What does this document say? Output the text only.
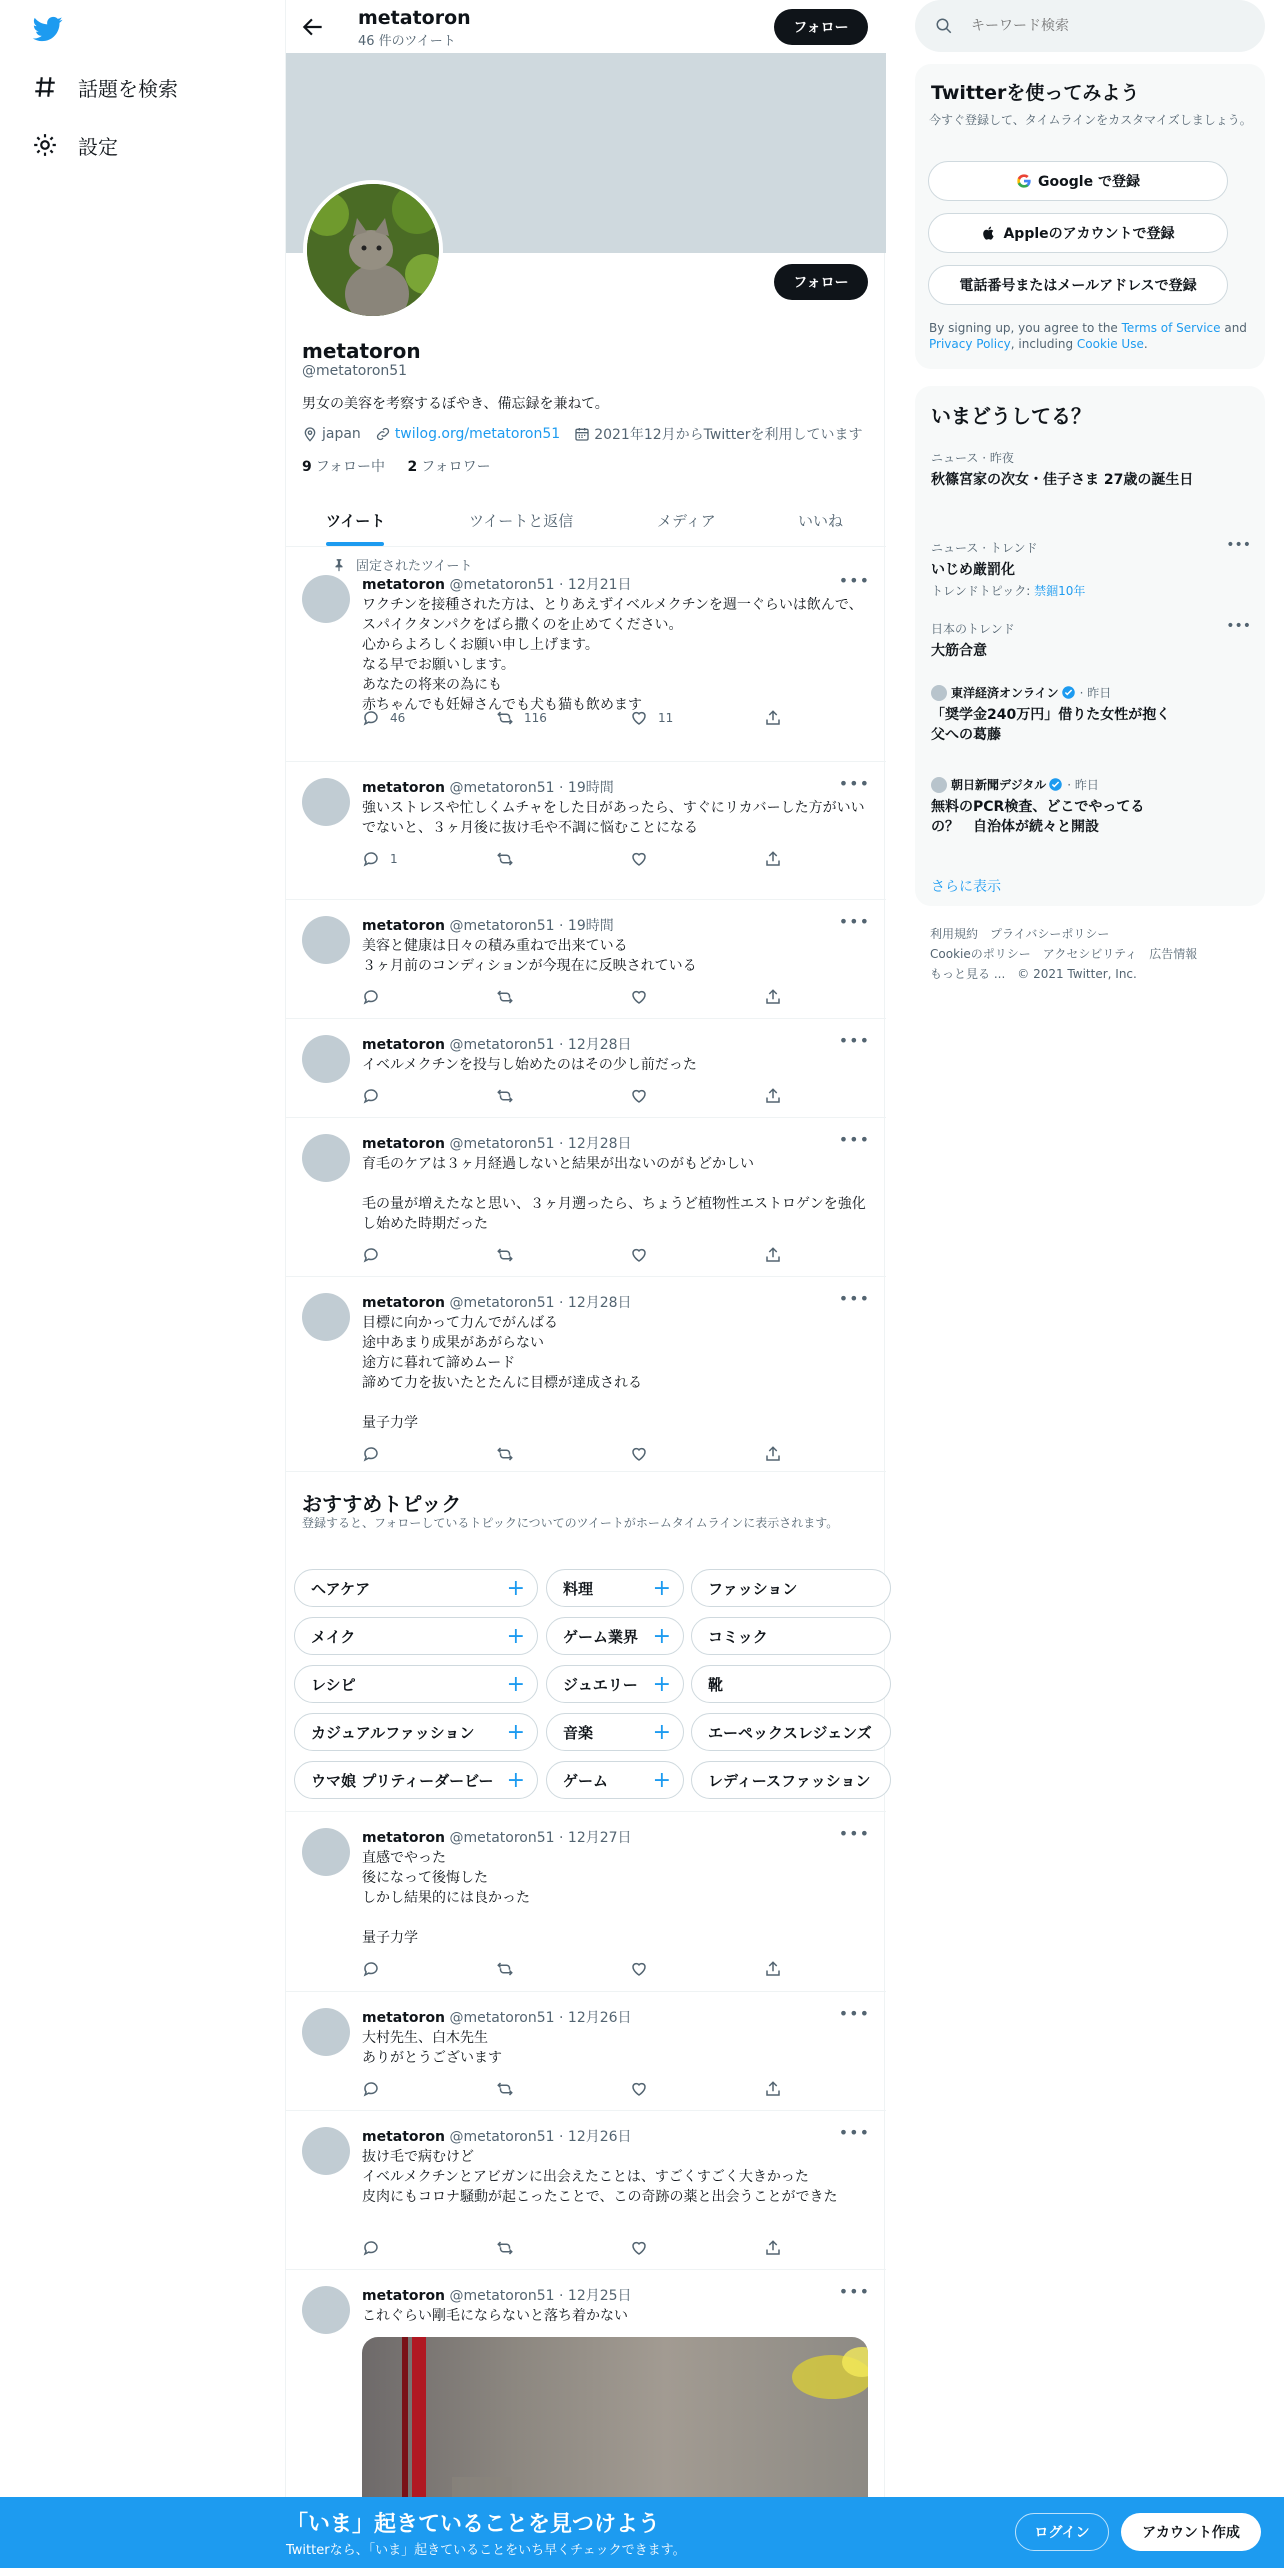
話題を検索
設定
metatoron
46 件のツイート
フォロー
フォロー
metatoron
@metatoron51
男女の美容を考察するぼやき、備忘録を兼ねて。
japan twilog.org/metatoron51 2021年12月からTwitterを利用しています
9 フォロー中 2 フォロワー
ツイート	ツイートと返信	メディア	いいね
固定されたツイート
metatoron @metatoron51 · 12月21日	•••
ワクチンを接種された方は、とりあえずイベルメクチンを週一ぐらいは飲んで、スパイクタンパクをばら撒くのを止めてください。
心からよろしくお願い申し上げます。
なる早でお願いします。
あなたの将来の為にも
赤ちゃんでも妊婦さんでも犬も猫も飲めます
46	116	11
metatoron @metatoron51 · 19時間	•••
強いストレスや忙しくムチャをした日があったら、すぐにリカバーした方がいい
でないと、３ヶ月後に抜け毛や不調に悩むことになる
1
metatoron @metatoron51 · 19時間	•••
美容と健康は日々の積み重ねで出来ている
３ヶ月前のコンディションが今現在に反映されている
metatoron @metatoron51 · 12月28日	•••
イベルメクチンを投与し始めたのはその少し前だった
metatoron @metatoron51 · 12月28日	•••
育毛のケアは３ヶ月経過しないと結果が出ないのがもどかしい

毛の量が増えたなと思い、３ヶ月遡ったら、ちょうど植物性エストロゲンを強化し始めた時期だった
metatoron @metatoron51 · 12月28日	•••
目標に向かって力んでがんばる
途中あまり成果があがらない
途方に暮れて諦めムード
諦めて力を抜いたとたんに目標が達成される

量子力学
metatoron @metatoron51 · 12月27日	•••
直感でやった
後になって後悔した
しかし結果的には良かった

量子力学
metatoron @metatoron51 · 12月26日	•••
大村先生、白木先生
ありがとうございます
metatoron @metatoron51 · 12月26日	•••
抜け毛で病むけど
イベルメクチンとアビガンに出会えたことは、すごくすごく大きかった
皮肉にもコロナ騒動が起こったことで、この奇跡の薬と出会うことができた
metatoron @metatoron51 · 12月25日	•••
これぐらい剛毛にならないと落ち着かない
おすすめトピック
登録すると、フォローしているトピックについてのツイートがホームタイムラインに表示されます。
ヘアケア	+	料理	+ ファッション
メイク	+	ゲーム業界 + コミック
レシピ	+	ジュエリー + 靴
カジュアルファッション +	音楽	+ エーペックスレジェンズ
ウマ娘 プリティーダービー +	ゲーム + レディースファッション
キーワード検索
Twitterを使ってみよう
今すぐ登録して、タイムラインをカスタマイズしましょう。
Google で登録
Appleのアカウントで登録
電話番号またはメールアドレスで登録
By signing up, you agree to the Terms of Service and Privacy Policy, including Cookie Use.
いまどうしてる？
ニュース · 昨夜
秋篠宮家の次女・佳子さま 27歳の誕生日
ニュース · トレンド
いじめ厳罰化
トレンドトピック: 禁錮10年
•••
日本のトレンド
大筋合意
•••
東洋経済オンライン · 昨日
「奨学金240万円」借りた女性が抱く父への葛藤
朝日新聞デジタル · 昨日
無料のPCR検査、どこでやってるの？　自治体が続々と開設
さらに表示
利用規約 プライバシーポリシー
Cookieのポリシー アクセシビリティ 広告情報
もっと見る ... © 2021 Twitter, Inc.
「いま」起きていることを見つけよう
Twitterなら、「いま」起きていることをいち早くチェックできます。
ログイン	アカウント作成
